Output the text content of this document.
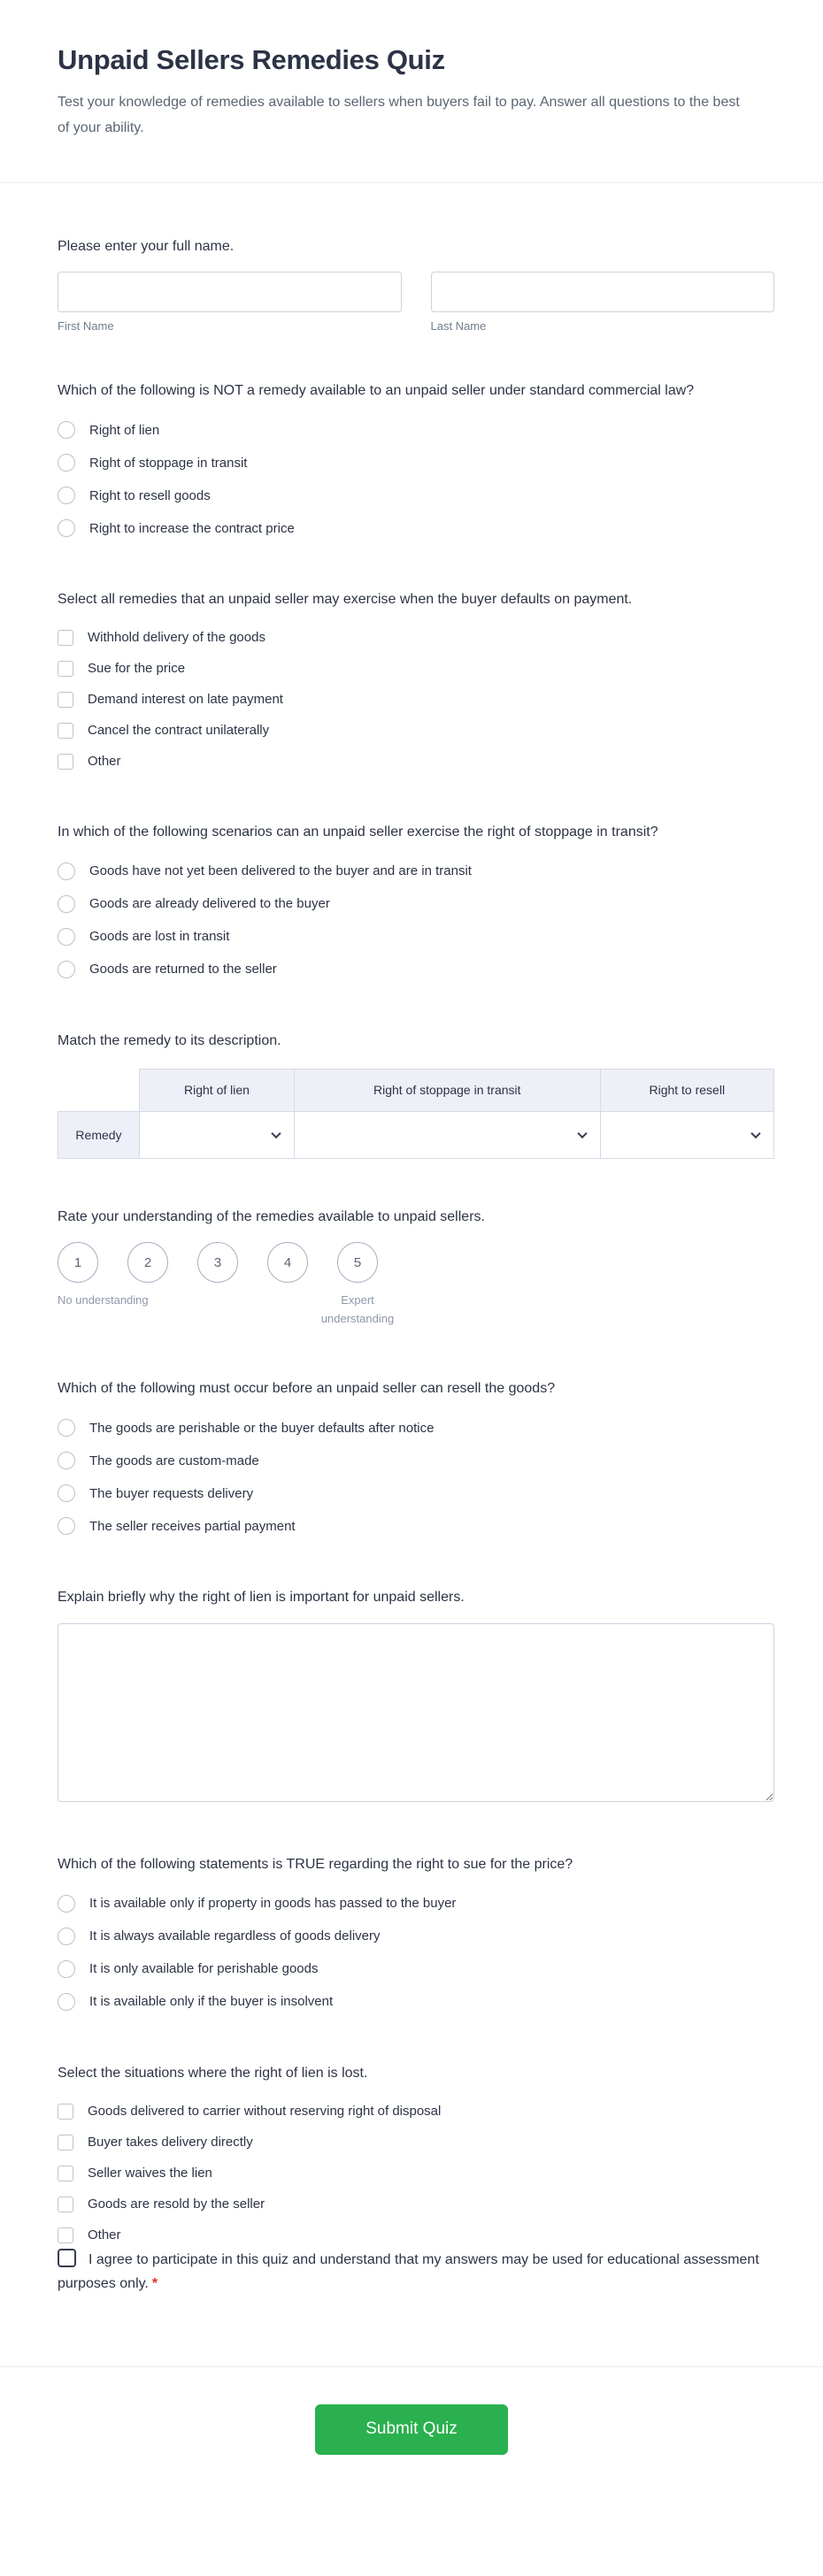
Unpaid Sellers Remedies Quiz

Test your knowledge of remedies available to sellers when buyers fail to pay. Answer all questions to the best of your ability.

Please enter your full name.
First Name	Last Name
Which of the following is NOT a remedy available to an unpaid seller under standard commercial law?
Right of lien
Right of stoppage in transit
Right to resell goods
Right to increase the contract price
Select all remedies that an unpaid seller may exercise when the buyer defaults on payment.
Withhold delivery of the goods
Sue for the price
Demand interest on late payment
Cancel the contract unilaterally
Other
In which of the following scenarios can an unpaid seller exercise the right of stoppage in transit?
Goods have not yet been delivered to the buyer and are in transit
Goods are already delivered to the buyer
Goods are lost in transit
Goods are returned to the seller
Match the remedy to its description.
	Right of lien	Right of stoppage in transit	Right to resell
Remedy	

Rate your understanding of the remedies available to unpaid sellers.
1	2	3	4	5
No understanding	Expert understanding
Which of the following must occur before an unpaid seller can resell the goods?
The goods are perishable or the buyer defaults after notice
The goods are custom-made
The buyer requests delivery
The seller receives partial payment
Explain briefly why the right of lien is important for unpaid sellers.
Which of the following statements is TRUE regarding the right to sue for the price?
It is available only if property in goods has passed to the buyer
It is always available regardless of goods delivery
It is only available for perishable goods
It is available only if the buyer is insolvent
Select the situations where the right of lien is lost.
Goods delivered to carrier without reserving right of disposal
Buyer takes delivery directly
Seller waives the lien
Goods are resold by the seller
Other
I agree to participate in this quiz and understand that my answers may be used for educational assessment purposes only. *
Submit Quiz
